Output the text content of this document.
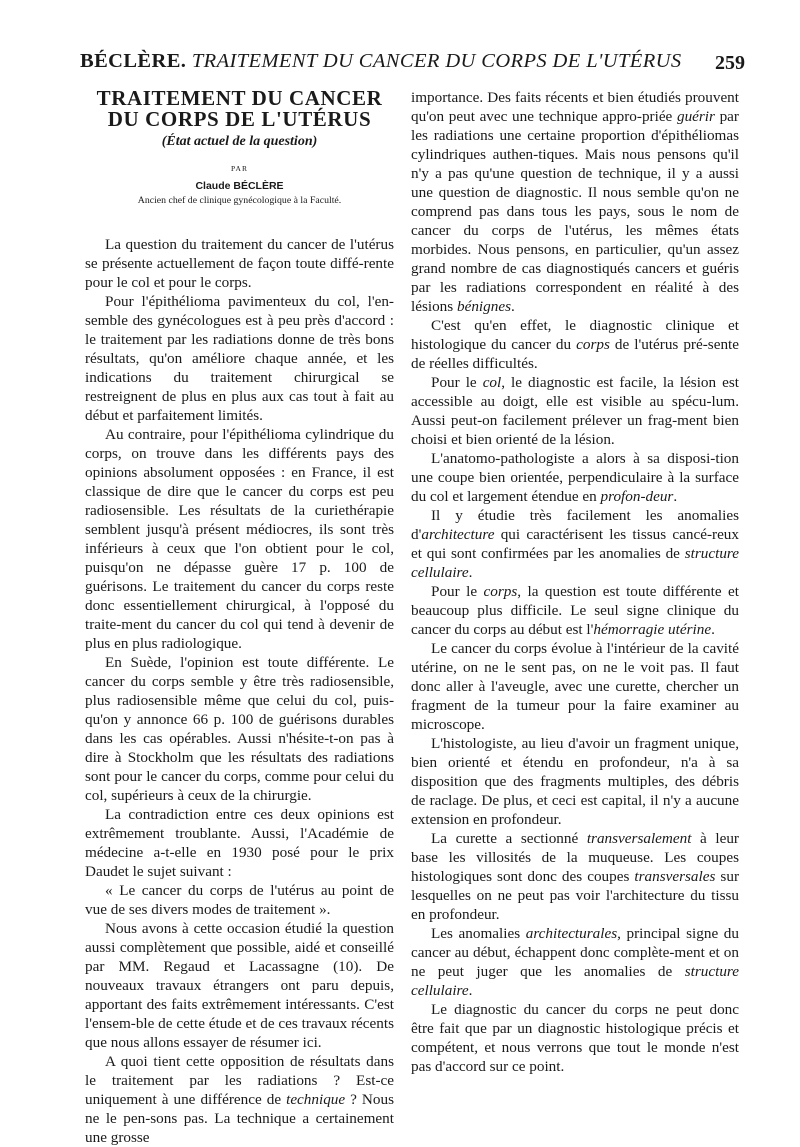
BÉCLÈRE. TRAITEMENT DU CANCER DU CORPS DE L'UTÉRUS 259
TRAITEMENT DU CANCER
DU CORPS DE L'UTÉRUS
(État actuel de la question)
PAR
Claude BÉCLÈRE
Ancien chef de clinique gynécologique à la Faculté.

La question du traitement du cancer de l'utérus se présente actuellement de façon toute diffé-rente pour le col et pour le corps.

Pour l'épithélioma pavimenteux du col, l'en-semble des gynécologues est à peu près d'accord : le traitement par les radiations donne de très bons résultats, qu'on améliore chaque année, et les indications du traitement chirurgical se restreignent de plus en plus aux cas tout à fait au début et parfaitement limités.

Au contraire, pour l'épithélioma cylindrique du corps, on trouve dans les différents pays des opinions absolument opposées : en France, il est classique de dire que le cancer du corps est peu radiosensible. Les résultats de la curiethérapie semblent jusqu'à présent médiocres, ils sont très inférieurs à ceux que l'on obtient pour le col, puisqu'on ne dépasse guère 17 p. 100 de guérisons. Le traitement du cancer du corps reste donc essentiellement chirurgical, à l'opposé du traite-ment du cancer du col qui tend à devenir de plus en plus radiologique.

En Suède, l'opinion est toute différente. Le cancer du corps semble y être très radiosensible, plus radiosensible même que celui du col, puis-qu'on y annonce 66 p. 100 de guérisons durables dans les cas opérables. Aussi n'hésite-t-on pas à dire à Stockholm que les résultats des radiations sont pour le cancer du corps, comme pour celui du col, supérieurs à ceux de la chirurgie.

La contradiction entre ces deux opinions est extrêmement troublante. Aussi, l'Académie de médecine a-t-elle en 1930 posé pour le prix Daudet le sujet suivant :

« Le cancer du corps de l'utérus au point de vue de ses divers modes de traitement ».

Nous avons à cette occasion étudié la question aussi complètement que possible, aidé et conseillé par MM. Regaud et Lacassagne (10). De nouveaux travaux étrangers ont paru depuis, apportant des faits extrêmement intéressants. C'est l'ensem-ble de cette étude et de ces travaux récents que nous allons essayer de résumer ici.

A quoi tient cette opposition de résultats dans le traitement par les radiations ? Est-ce uniquement à une différence de technique ? Nous ne le pen-sons pas. La technique a certainement une grosse

importance. Des faits récents et bien étudiés prouvent qu'on peut avec une technique appro-priée guérir par les radiations une certaine proportion d'épithéliomas cylindriques authen-tiques. Mais nous pensons qu'il n'y a pas qu'une question de technique, il y a aussi une question de diagnostic. Il nous semble qu'on ne comprend pas dans tous les pays, sous le nom de cancer du corps de l'utérus, les mêmes états morbides. Nous pensons, en particulier, qu'un assez grand nombre de cas diagnostiqués cancers et guéris par les radiations correspondent en réalité à des lésions bénignes.

C'est qu'en effet, le diagnostic clinique et histologique du cancer du corps de l'utérus pré-sente de réelles difficultés.

Pour le col, le diagnostic est facile, la lésion est accessible au doigt, elle est visible au spécu-lum. Aussi peut-on facilement prélever un frag-ment bien choisi et bien orienté de la lésion.

L'anatomo-pathologiste a alors à sa disposi-tion une coupe bien orientée, perpendiculaire à la surface du col et largement étendue en profon-deur.

Il y étudie très facilement les anomalies d'architecture qui caractérisent les tissus cancé-reux et qui sont confirmées par les anomalies de structure cellulaire.

Pour le corps, la question est toute différente et beaucoup plus difficile. Le seul signe clinique du cancer du corps au début est l'hémorragie utérine.

Le cancer du corps évolue à l'intérieur de la cavité utérine, on ne le sent pas, on ne le voit pas. Il faut donc aller à l'aveugle, avec une curette, chercher un fragment de la tumeur pour la faire examiner au microscope.

L'histologiste, au lieu d'avoir un fragment unique, bien orienté et étendu en profondeur, n'a à sa disposition que des fragments multiples, des débris de raclage. De plus, et ceci est capital, il n'y a aucune extension en profondeur.

La curette a sectionné transversalement à leur base les villosités de la muqueuse. Les coupes histologiques sont donc des coupes transversales sur lesquelles on ne peut pas voir l'architecture du tissu en profondeur.

Les anomalies architecturales, principal signe du cancer au début, échappent donc complète-ment et on ne peut juger que les anomalies de structure cellulaire.

Le diagnostic du cancer du corps ne peut donc être fait que par un diagnostic histologique précis et compétent, et nous verrons que tout le monde n'est pas d'accord sur ce point.
